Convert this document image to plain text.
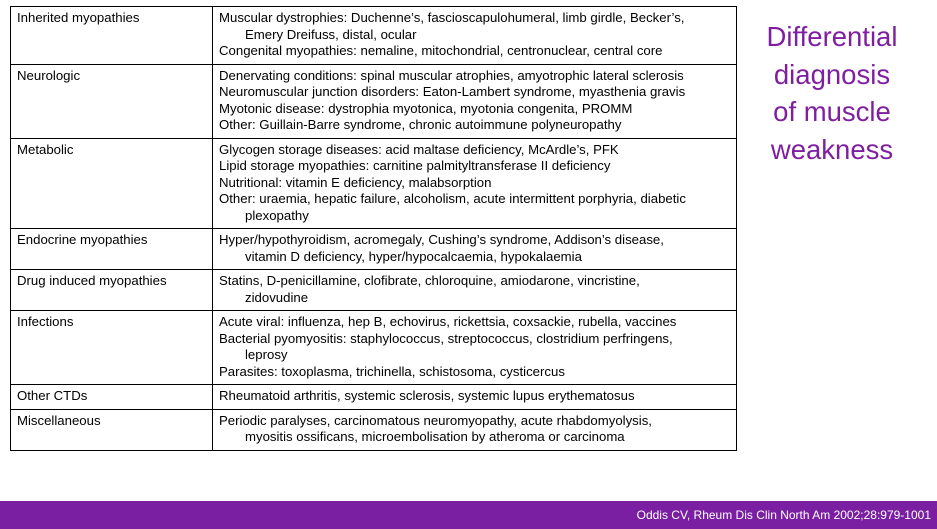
Inherited myopathies	Muscular dystrophies: Duchenne’s, fascioscapulohumeral, limb girdle, Becker’s,
Emery Dreifuss, distal, ocular
Congenital myopathies: nemaline, mitochondrial, centronuclear, central core

Neurologic	Denervating conditions: spinal muscular atrophies, amyotrophic lateral sclerosis
Neuromuscular junction disorders: Eaton-Lambert syndrome, myasthenia gravis
Myotonic disease: dystrophia myotonica, myotonia congenita, PROMM
Other: Guillain-Barre syndrome, chronic autoimmune polyneuropathy

Metabolic	Glycogen storage diseases: acid maltase deficiency, McArdle’s, PFK
Lipid storage myopathies: carnitine palmityltransferase II deficiency
Nutritional: vitamin E deficiency, malabsorption
Other: uraemia, hepatic failure, alcoholism, acute intermittent porphyria, diabetic
plexopathy

Endocrine myopathies	Hyper/hypothyroidism, acromegaly, Cushing’s syndrome, Addison’s disease,
vitamin D deficiency, hyper/hypocalcaemia, hypokalaemia

Drug induced myopathies	Statins, D-penicillamine, clofibrate, chloroquine, amiodarone, vincristine,
zidovudine

Infections	Acute viral: influenza, hep B, echovirus, rickettsia, coxsackie, rubella, vaccines
Bacterial pyomyositis: staphylococcus, streptococcus, clostridium perfringens,
leprosy
Parasites: toxoplasma, trichinella, schistosoma, cysticercus

Other CTDs	Rheumatoid arthritis, systemic sclerosis, systemic lupus erythematosus

Miscellaneous	Periodic paralyses, carcinomatous neuromyopathy, acute rhabdomyolysis,
myositis ossificans, microembolisation by atheroma or carcinoma
Differential
diagnosis
of muscle
weakness
Oddis CV, Rheum Dis Clin North Am 2002;28:979-1001
